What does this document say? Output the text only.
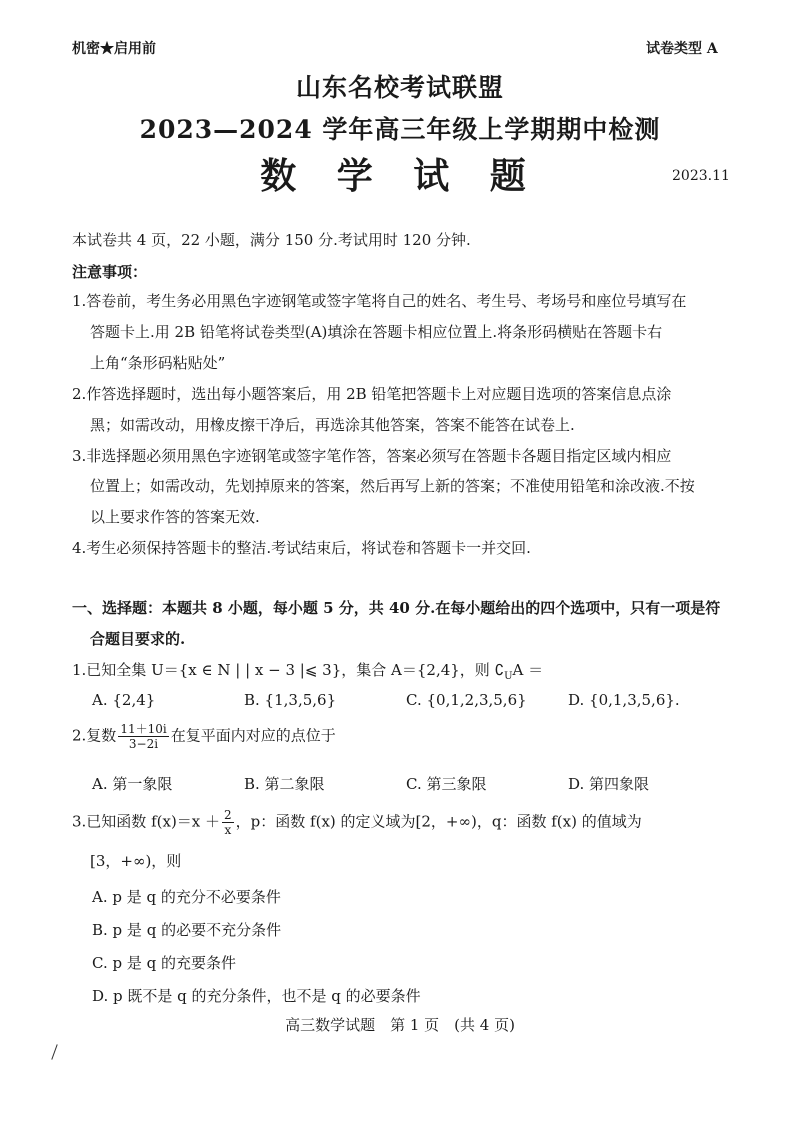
机密★启用前	试卷类型 A
山东名校考试联盟
2023—2024 学年高三年级上学期期中检测
数 学 试 题	2023.11
本试卷共 4 页，22 小题，满分 150 分.考试用时 120 分钟.
注意事项：
1.答卷前，考生务必用黑色字迹钢笔或签字笔将自己的姓名、考生号、考场号和座位号填写在
答题卡上.用 2B 铅笔将试卷类型(A)填涂在答题卡相应位置上.将条形码横贴在答题卡右
上角“条形码粘贴处”
2.作答选择题时，选出每小题答案后，用 2B 铅笔把答题卡上对应题目选项的答案信息点涂
黑；如需改动，用橡皮擦干净后，再选涂其他答案，答案不能答在试卷上.
3.非选择题必须用黑色字迹钢笔或签字笔作答，答案必须写在答题卡各题目指定区域内相应
位置上；如需改动，先划掉原来的答案，然后再写上新的答案；不准使用铅笔和涂改液.不按
以上要求作答的答案无效.
4.考生必须保持答题卡的整洁.考试结束后，将试卷和答题卡一并交回.
一、选择题：本题共 8 小题，每小题 5 分，共 40 分.在每小题给出的四个选项中，只有一项是符
合题目要求的.
1.已知全集 U＝{x ∈ N | | x − 3 |⩽ 3}，集合 A＝{2,4}，则 $∁_UA$ ＝
A. {2,4}	B. {1,3,5,6}	C. {0,1,2,3,5,6}	D. {0,1,3,5,6}.
2.复数 $\frac{11+10i}{3-2i}$ 在复平面内对应的点位于
A. 第一象限	B. 第二象限	C. 第三象限	D. 第四象限
3.已知函数 $f(x)=x + \frac{2}{x}$ ，p：函数 f(x) 的定义域为[2，+∞)，q：函数 f(x) 的值域为
[3，+∞)，则
A. p 是 q 的充分不必要条件
B. p 是 q 的必要不充分条件
C. p 是 q 的充要条件
D. p 既不是 q 的充分条件，也不是 q 的必要条件
高三数学试题　第 1 页　(共 4 页)
